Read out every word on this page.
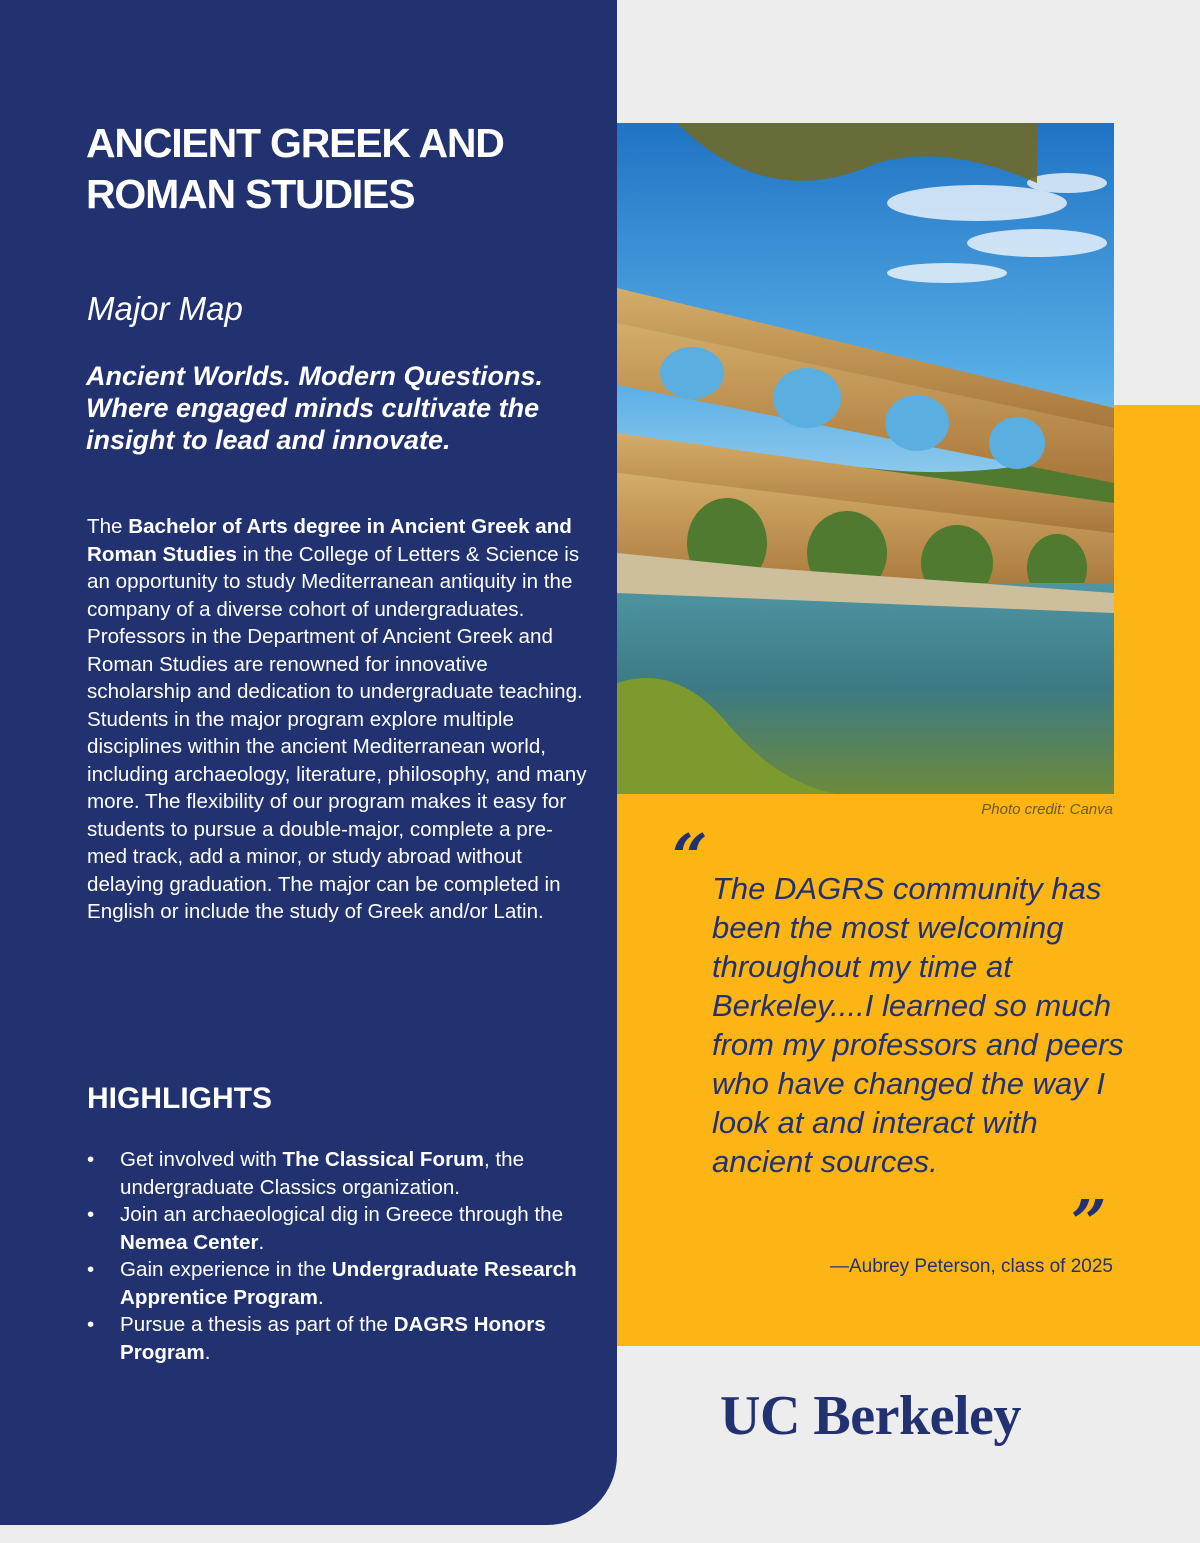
ANCIENT GREEK AND ROMAN STUDIES
Major Map

Ancient Worlds. Modern Questions. Where engaged minds cultivate the insight to lead and innovate.

The Bachelor of Arts degree in Ancient Greek and Roman Studies in the College of Letters & Science is an opportunity to study Mediterranean antiquity in the company of a diverse cohort of undergraduates. Professors in the Department of Ancient Greek and Roman Studies are renowned for innovative scholarship and dedication to undergraduate teaching. Students in the major program explore multiple disciplines within the ancient Mediterranean world, including archaeology, literature, philosophy, and many more. The flexibility of our program makes it easy for students to pursue a double-major, complete a pre-med track, add a minor, or study abroad without delaying graduation. The major can be completed in English or include the study of Greek and/or Latin.

HIGHLIGHTS
• Get involved with The Classical Forum, the undergraduate Classics organization.
• Join an archaeological dig in Greece through the Nemea Center.
• Gain experience in the Undergraduate Research Apprentice Program.
• Pursue a thesis as part of the DAGRS Honors Program.
Photo credit: Canva
“ The DAGRS community has been the most welcoming throughout my time at Berkeley....I learned so much from my professors and peers who have changed the way I look at and interact with ancient sources.

”
—Aubrey Peterson, class of 2025
UC Berkeley
